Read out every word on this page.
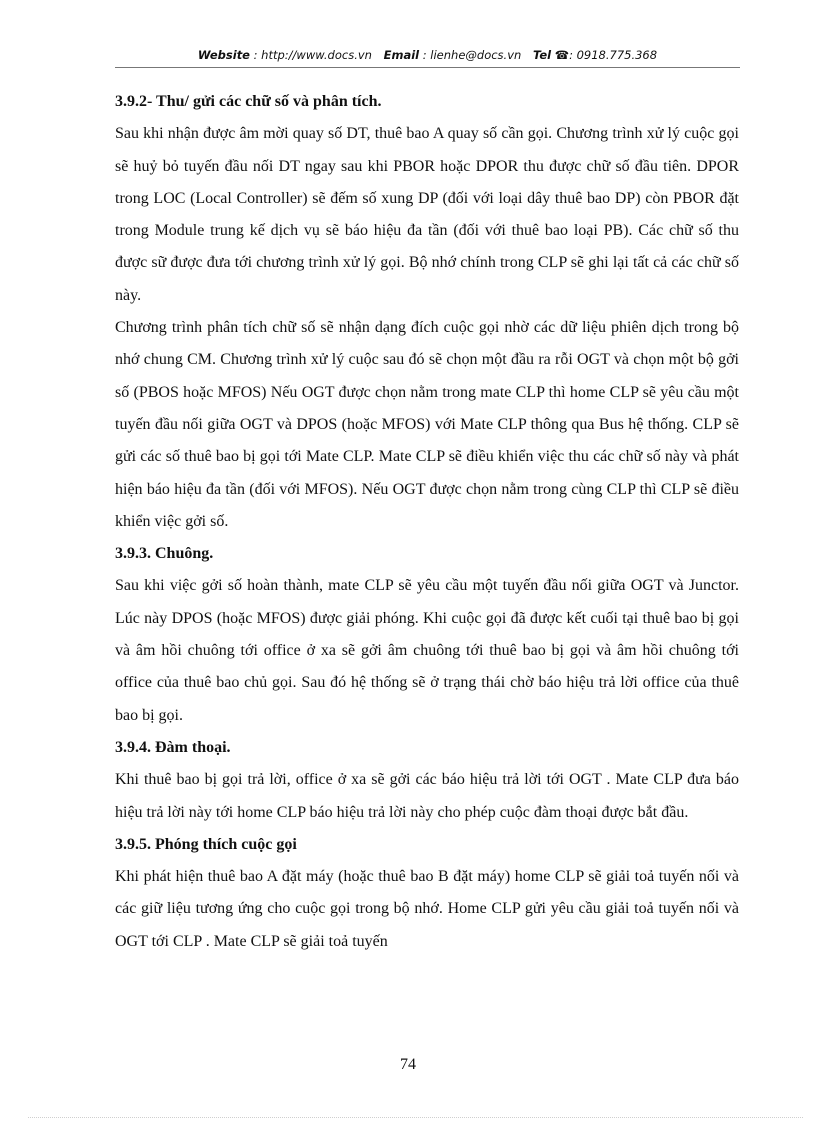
Website : http://www.docs.vn Email : lienhe@docs.vn Tel ☎: 0918.775.368
3.9.2- Thu/ gửi các chữ số và phân tích.

Sau khi nhận được âm mời quay số DT, thuê bao A quay số cần gọi. Chương trình xử lý cuộc gọi sẽ huỷ bỏ tuyến đầu nối DT ngay sau khi PBOR hoặc DPOR thu được chữ số đầu tiên. DPOR trong LOC (Local Controller) sẽ đếm số xung DP (đối với loại dây thuê bao DP) còn PBOR đặt trong Module trung kế dịch vụ sẽ báo hiệu đa tần (đối với thuê bao loại PB). Các chữ số thu được sữ được đưa tới chương trình xử lý gọi. Bộ nhớ chính trong CLP sẽ ghi lại tất cả các chữ số này.

Chương trình phân tích chữ số sẽ nhận dạng đích cuộc gọi nhờ các dữ liệu phiên dịch trong bộ nhớ chung CM. Chương trình xử lý cuộc sau đó sẽ chọn một đầu ra rỗi OGT và chọn một bộ gởi số (PBOS hoặc MFOS) Nếu OGT được chọn nằm trong mate CLP thì home CLP sẽ yêu cầu một tuyến đầu nối giữa OGT và DPOS (hoặc MFOS) với Mate CLP thông qua Bus hệ thống. CLP sẽ gửi các số thuê bao bị gọi tới Mate CLP. Mate CLP sẽ điều khiển việc thu các chữ số này và phát hiện báo hiệu đa tần (đối với MFOS). Nếu OGT được chọn nằm trong cùng CLP thì CLP sẽ điều khiển việc gởi số.

3.9.3. Chuông.

Sau khi việc gởi số hoàn thành, mate CLP sẽ yêu cầu một tuyến đầu nối giữa OGT và Junctor. Lúc này DPOS (hoặc MFOS) được giải phóng. Khi cuộc gọi đã được kết cuối tại thuê bao bị gọi và âm hồi chuông tới office ở xa sẽ gởi âm chuông tới thuê bao bị gọi và âm hồi chuông tới office của thuê bao chủ gọi. Sau đó hệ thống sẽ ở trạng thái chờ báo hiệu trả lời office của thuê bao bị gọi.

3.9.4. Đàm thoại.

Khi thuê bao bị gọi trả lời, office ở xa sẽ gởi các báo hiệu trả lời tới OGT . Mate CLP đưa báo hiệu trả lời này tới home CLP báo hiệu trả lời này cho phép cuộc đàm thoại được bắt đầu.

3.9.5. Phóng thích cuộc gọi

Khi phát hiện thuê bao A đặt máy (hoặc thuê bao B đặt máy) home CLP sẽ giải toả tuyến nối và các giữ liệu tương ứng cho cuộc gọi trong bộ nhớ. Home CLP gửi yêu cầu giải toả tuyến nối và OGT tới CLP . Mate CLP sẽ giải toả tuyến

74
